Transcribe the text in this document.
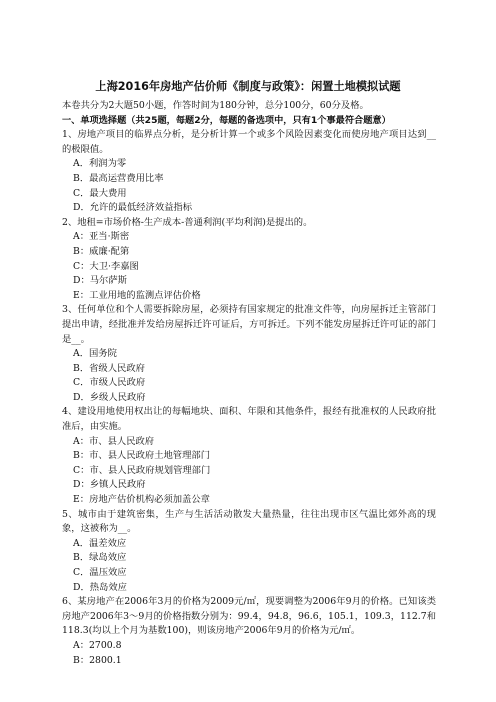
上海2016年房地产估价师《制度与政策》：闲置土地模拟试题

本卷共分为2大题50小题，作答时间为180分钟，总分100分，60分及格。

一、单项选择题（共25题，每题2分，每题的备选项中，只有1个事最符合题意）

1、房地产项目的临界点分析，是分析计算一个或多个风险因素变化而使房地产项目达到__的极限值。

A．利润为零

B．最高运营费用比率

C．最大费用

D．允许的最低经济效益指标

2、地租=市场价格-生产成本-普通利润(平均利润)是提出的。

A：亚当·斯密

B：威廉·配第

C：大卫·李嘉图

D：马尔萨斯

E：工业用地的监测点评估价格

3、任何单位和个人需要拆除房屋，必须持有国家规定的批准文件等，向房屋拆迁主管部门提出申请，经批准并发给房屋拆迁许可证后，方可拆迁。下列不能发房屋拆迁许可证的部门是__。

A．国务院

B．省级人民政府

C．市级人民政府

D．乡级人民政府

4、建设用地使用权出让的每幅地块、面积、年限和其他条件，报经有批准权的人民政府批准后，由实施。

A：市、县人民政府

B：市、县人民政府土地管理部门

C：市、县人民政府规划管理部门

D：乡镇人民政府

E：房地产估价机构必须加盖公章

5、城市由于建筑密集，生产与生活活动散发大量热量，往往出现市区气温比郊外高的现象，这被称为__。

A．温差效应

B．绿岛效应

C．温压效应

D．热岛效应

6、某房地产在2006年3月的价格为2009元/㎡，现要调整为2006年9月的价格。已知该类房地产2006年3～9月的价格指数分别为：99.4，94.8，96.6，105.1，109.3，112.7和118.3(均以上个月为基数100)，则该房地产2006年9月的价格为元/㎡。

A：2700.8

B：2800.1
